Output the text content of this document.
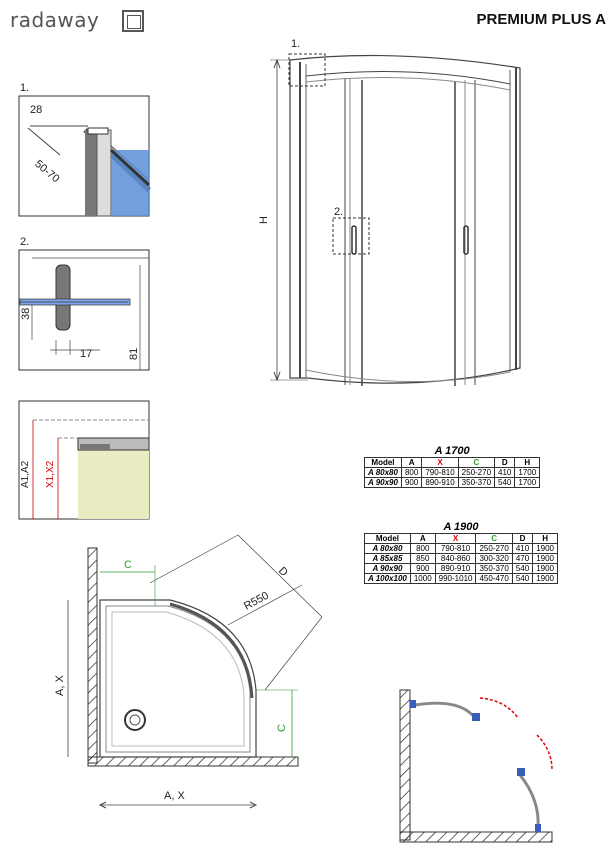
radaway	PREMIUM PLUS A
1.
28
50-70
2.
38
17	81
A1,A2 X1,X2
1.
2.
H
C	D
R550
A, X
C
A, X
A 1700
Model	A	X	C	D	H
A 80x80	800	790-810	250-270	410	1700
A 90x90	900	890-910	350-370	540	1700
A 1900
Model	A	X	C	D	H
A 80x80	800	790-810	250-270	410	1900
A 85x85	850	840-860	300-320	470	1900
A 90x90	900	890-910	350-370	540	1900
A 100x100	1000	990-1010	450-470	540	1900
